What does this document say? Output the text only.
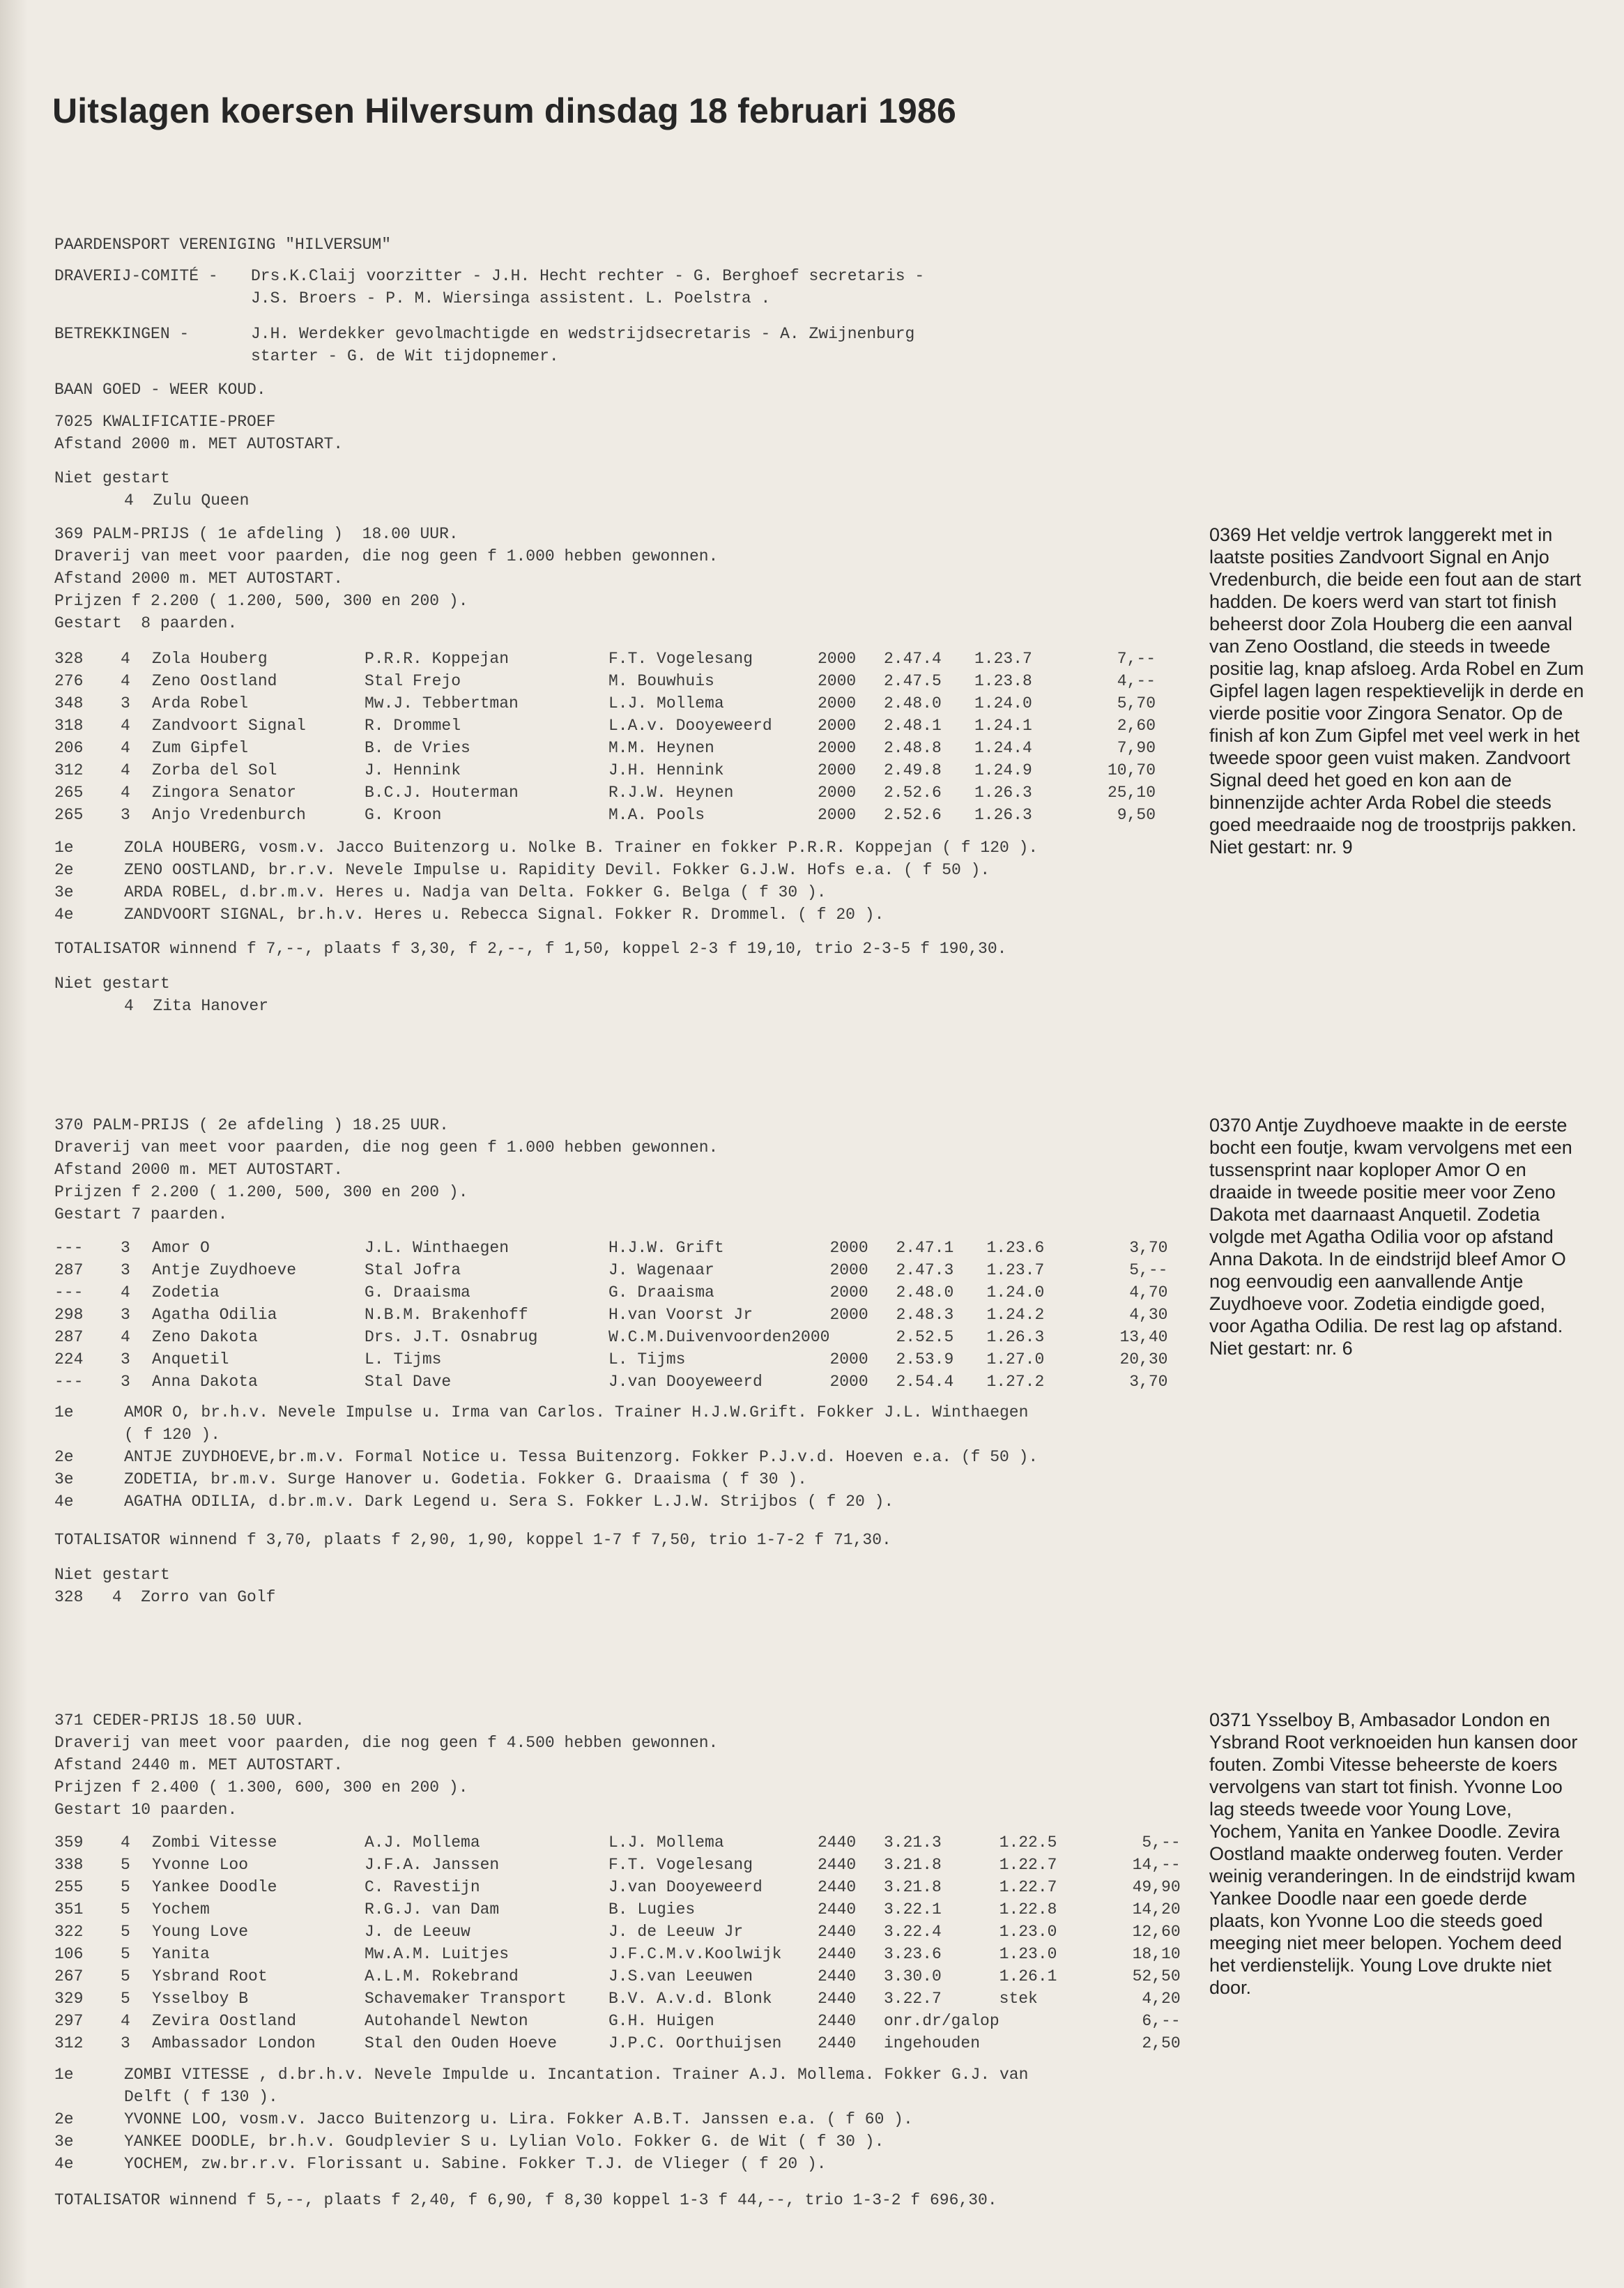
Uitslagen koersen Hilversum dinsdag 18 februari 1986

PAARDENSPORT VERENIGING "HILVERSUM"

DRAVERIJ-COMITÉ - Drs.K.Claij voorzitter - J.H. Hecht rechter - G. Berghoef secretaris -

J.S. Broers - P. M. Wiersinga assistent. L. Poelstra .

BETREKKINGEN -	J.H. Werdekker gevolmachtigde en wedstrijdsecretaris - A. Zwijnenburg

starter - G. de Wit tijdopnemer.

BAAN GOED - WEER KOUD.

7025 KWALIFICATIE-PROEF

Afstand 2000 m. MET AUTOSTART.

Niet gestart

4  Zulu Queen

369 PALM-PRIJS ( 1e afdeling )  18.00 UUR.

Draverij van meet voor paarden, die nog geen f 1.000 hebben gewonnen.

Afstand 2000 m. MET AUTOSTART.

Prijzen f 2.200 ( 1.200, 500, 300 en 200 ).

Gestart  8 paarden.

328	4	Zola Houberg	P.R.R. Koppejan	F.T. Vogelesang	2000	2.47.4	1.23.7	7,--
276	4	Zeno Oostland	Stal Frejo	M. Bouwhuis	2000	2.47.5	1.23.8	4,--
348	3	Arda Robel	Mw.J. Tebbertman	L.J. Mollema	2000	2.48.0	1.24.0	5,70
318	4	Zandvoort Signal	R. Drommel	L.A.v. Dooyeweerd	2000	2.48.1	1.24.1	2,60
206	4	Zum Gipfel	B. de Vries	M.M. Heynen	2000	2.48.8	1.24.4	7,90
312	4	Zorba del Sol	J. Hennink	J.H. Hennink	2000	2.49.8	1.24.9	10,70
265	4	Zingora Senator	B.C.J. Houterman	R.J.W. Heynen	2000	2.52.6	1.26.3	25,10
265	3	Anjo Vredenburch	G. Kroon	M.A. Pools	2000	2.52.6	1.26.3	9,50
1e	ZOLA HOUBERG, vosm.v. Jacco Buitenzorg u. Nolke B. Trainer en fokker P.R.R. Koppejan ( f 120 ).
2e	ZENO OOSTLAND, br.r.v. Nevele Impulse u. Rapidity Devil. Fokker G.J.W. Hofs e.a. ( f 50 ).
3e	ARDA ROBEL, d.br.m.v. Heres u. Nadja van Delta. Fokker G. Belga ( f 30 ).
4e	ZANDVOORT SIGNAL, br.h.v. Heres u. Rebecca Signal. Fokker R. Drommel. ( f 20 ).

TOTALISATOR winnend f 7,--, plaats f 3,30, f 2,--, f 1,50, koppel 2-3 f 19,10, trio 2-3-5 f 190,30.

Niet gestart

4  Zita Hanover

370 PALM-PRIJS ( 2e afdeling ) 18.25 UUR.

Draverij van meet voor paarden, die nog geen f 1.000 hebben gewonnen.

Afstand 2000 m. MET AUTOSTART.

Prijzen f 2.200 ( 1.200, 500, 300 en 200 ).

Gestart 7 paarden.

---	3	Amor O	J.L. Winthaegen	H.J.W. Grift	2000	2.47.1	1.23.6	3,70
287	3	Antje Zuydhoeve	Stal Jofra	J. Wagenaar	2000	2.47.3	1.23.7	5,--
---	4	Zodetia	G. Draaisma	G. Draaisma	2000	2.48.0	1.24.0	4,70
298	3	Agatha Odilia	N.B.M. Brakenhoff	H.van Voorst Jr	2000	2.48.3	1.24.2	4,30
287	4	Zeno Dakota	Drs. J.T. Osnabrug	W.C.M.Duivenvoorden2000		2.52.5	1.26.3	13,40
224	3	Anquetil	L. Tijms	L. Tijms	2000	2.53.9	1.27.0	20,30
---	3	Anna Dakota	Stal Dave	J.van Dooyeweerd	2000	2.54.4	1.27.2	3,70
1e	AMOR O, br.h.v. Nevele Impulse u. Irma van Carlos. Trainer H.J.W.Grift. Fokker J.L. Winthaegen
( f 120 ).
2e	ANTJE ZUYDHOEVE,br.m.v. Formal Notice u. Tessa Buitenzorg. Fokker P.J.v.d. Hoeven e.a. (f 50 ).
3e	ZODETIA, br.m.v. Surge Hanover u. Godetia. Fokker G. Draaisma ( f 30 ).
4e	AGATHA ODILIA, d.br.m.v. Dark Legend u. Sera S. Fokker L.J.W. Strijbos ( f 20 ).

TOTALISATOR winnend f 3,70, plaats f 2,90, 1,90, koppel 1-7 f 7,50, trio 1-7-2 f 71,30.

Niet gestart

328   4  Zorro van Golf

371 CEDER-PRIJS 18.50 UUR.

Draverij van meet voor paarden, die nog geen f 4.500 hebben gewonnen.

Afstand 2440 m. MET AUTOSTART.

Prijzen f 2.400 ( 1.300, 600, 300 en 200 ).

Gestart 10 paarden.

359	4	Zombi Vitesse	A.J. Mollema	L.J. Mollema	2440	3.21.3	1.22.5	5,--
338	5	Yvonne Loo	J.F.A. Janssen	F.T. Vogelesang	2440	3.21.8	1.22.7	14,--
255	5	Yankee Doodle	C. Ravestijn	J.van Dooyeweerd	2440	3.21.8	1.22.7	49,90
351	5	Yochem	R.G.J. van Dam	B. Lugies	2440	3.22.1	1.22.8	14,20
322	5	Young Love	J. de Leeuw	J. de Leeuw Jr	2440	3.22.4	1.23.0	12,60
106	5	Yanita	Mw.A.M. Luitjes	J.F.C.M.v.Koolwijk	2440	3.23.6	1.23.0	18,10
267	5	Ysbrand Root	A.L.M. Rokebrand	J.S.van Leeuwen	2440	3.30.0	1.26.1	52,50
329	5	Ysselboy B	Schavemaker Transport	B.V. A.v.d. Blonk	2440	3.22.7	stek	4,20
297	4	Zevira Oostland	Autohandel Newton	G.H. Huigen	2440	onr.dr/galop		6,--
312	3	Ambassador London	Stal den Ouden Hoeve	J.P.C. Oorthuijsen	2440	ingehouden		2,50
1e	ZOMBI VITESSE , d.br.h.v. Nevele Impulde u. Incantation. Trainer A.J. Mollema. Fokker G.J. van
Delft ( f 130 ).
2e	YVONNE LOO, vosm.v. Jacco Buitenzorg u. Lira. Fokker A.B.T. Janssen e.a. ( f 60 ).
3e	YANKEE DOODLE, br.h.v. Goudplevier S u. Lylian Volo. Fokker G. de Wit ( f 30 ).
4e	YOCHEM, zw.br.r.v. Florissant u. Sabine. Fokker T.J. de Vlieger ( f 20 ).

TOTALISATOR winnend f 5,--, plaats f 2,40, f 6,90, f 8,30 koppel 1-3 f 44,--, trio 1-3-2 f 696,30.

0369 Het veldje vertrok langgerekt met in laatste posities Zandvoort Signal en Anjo Vredenburch, die beide een fout aan de start hadden. De koers werd van start tot finish beheerst door Zola Houberg die een aanval van Zeno Oostland, die steeds in tweede positie lag, knap afsloeg. Arda Robel en Zum Gipfel lagen lagen respektievelijk in derde en vierde positie voor Zingora Senator. Op de finish af kon Zum Gipfel met veel werk in het tweede spoor geen vuist maken. Zandvoort Signal deed het goed en kon aan de binnenzijde achter Arda Robel die steeds goed meedraaide nog de troostprijs pakken.

Niet gestart: nr. 9

0370 Antje Zuydhoeve maakte in de eerste bocht een foutje, kwam vervolgens met een tussensprint naar koploper Amor O en draaide in tweede positie meer voor Zeno Dakota met daarnaast Anquetil. Zodetia volgde met Agatha Odilia voor op afstand Anna Dakota. In de eindstrijd bleef Amor O nog eenvoudig een aanvallende Antje Zuydhoeve voor. Zodetia eindigde goed, voor Agatha Odilia. De rest lag op afstand.

Niet gestart: nr. 6

0371 Ysselboy B, Ambasador London en Ysbrand Root verknoeiden hun kansen door fouten. Zombi Vitesse beheerste de koers vervolgens van start tot finish. Yvonne Loo lag steeds tweede voor Young Love, Yochem, Yanita en Yankee Doodle. Zevira Oostland maakte onderweg fouten. Verder weinig veranderingen. In de eindstrijd kwam Yankee Doodle naar een goede derde plaats, kon Yvonne Loo die steeds goed meeging niet meer belopen. Yochem deed het verdienstelijk. Young Love drukte niet door.
